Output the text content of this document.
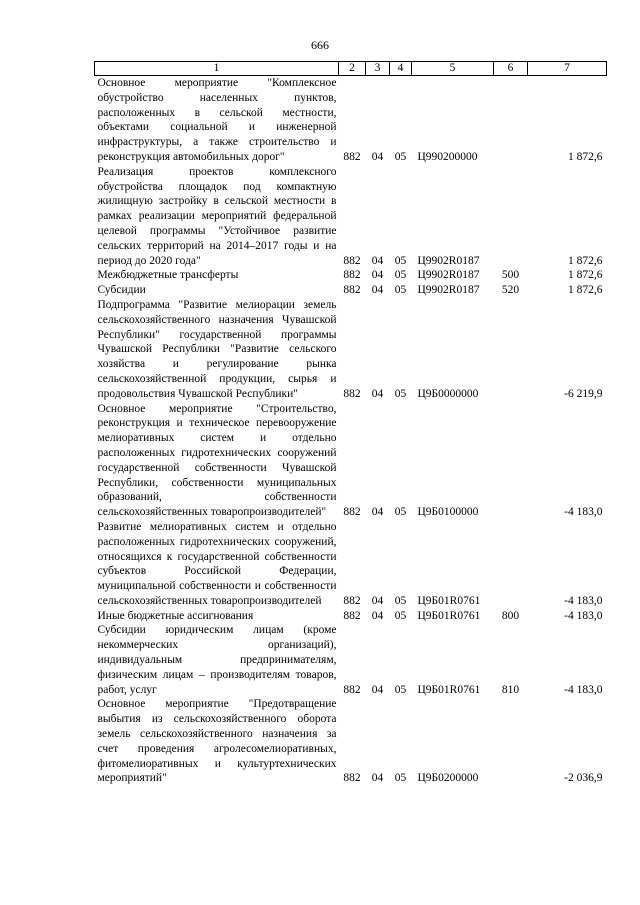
666
1	2	3	4	5	6	7
Основное мероприятие "Комплексное обустройство населенных пунктов, расположенных в сельской местности, объектами социальной и инженерной инфраструктуры, а также строительство и реконструкция автомобильных дорог"	882	04	05	Ц990200000		1 872,6
Реализация проектов комплексного обустройства площадок под компактную жилищную застройку в сельской местности в рамках реализации мероприятий федеральной целевой программы "Устойчивое развитие сельских территорий на 2014–2017 годы и на период до 2020 года"	882	04	05	Ц9902R0187		1 872,6
Межбюджетные трансферты	882	04	05	Ц9902R0187	500	1 872,6
Субсидии	882	04	05	Ц9902R0187	520	1 872,6
Подпрограмма "Развитие мелиорации земель сельскохозяйственного назначения Чувашской Республики" государственной программы Чувашской Республики "Развитие сельского хозяйства и регулирование рынка сельскохозяйственной продукции, сырья и продовольствия Чувашской Республики"	882	04	05	Ц9Б0000000		-6 219,9
Основное мероприятие "Строительство, реконструкция и техническое перевооружение мелиоративных систем и отдельно расположенных гидротехнических сооружений государственной собственности Чувашской Республики, собственности муниципальных образований, собственности сельскохозяйственных товаропроизводителей"	882	04	05	Ц9Б0100000		-4 183,0
Развитие мелиоративных систем и отдельно расположенных гидротехнических сооружений, относящихся к государственной собственности субъектов Российской Федерации, муниципальной собственности и собственности сельскохозяйственных товаропроизводителей	882	04	05	Ц9Б01R0761		-4 183,0
Иные бюджетные ассигнования	882	04	05	Ц9Б01R0761	800	-4 183,0
Субсидии юридическим лицам (кроме некоммерческих организаций), индивидуальным предпринимателям, физическим лицам – производителям товаров, работ, услуг	882	04	05	Ц9Б01R0761	810	-4 183,0
Основное мероприятие "Предотвращение выбытия из сельскохозяйственного оборота земель сельскохозяйственного назначения за счет проведения агролесомелиоративных, фитомелиоративных и культуртехнических мероприятий"	882	04	05	Ц9Б0200000		-2 036,9
